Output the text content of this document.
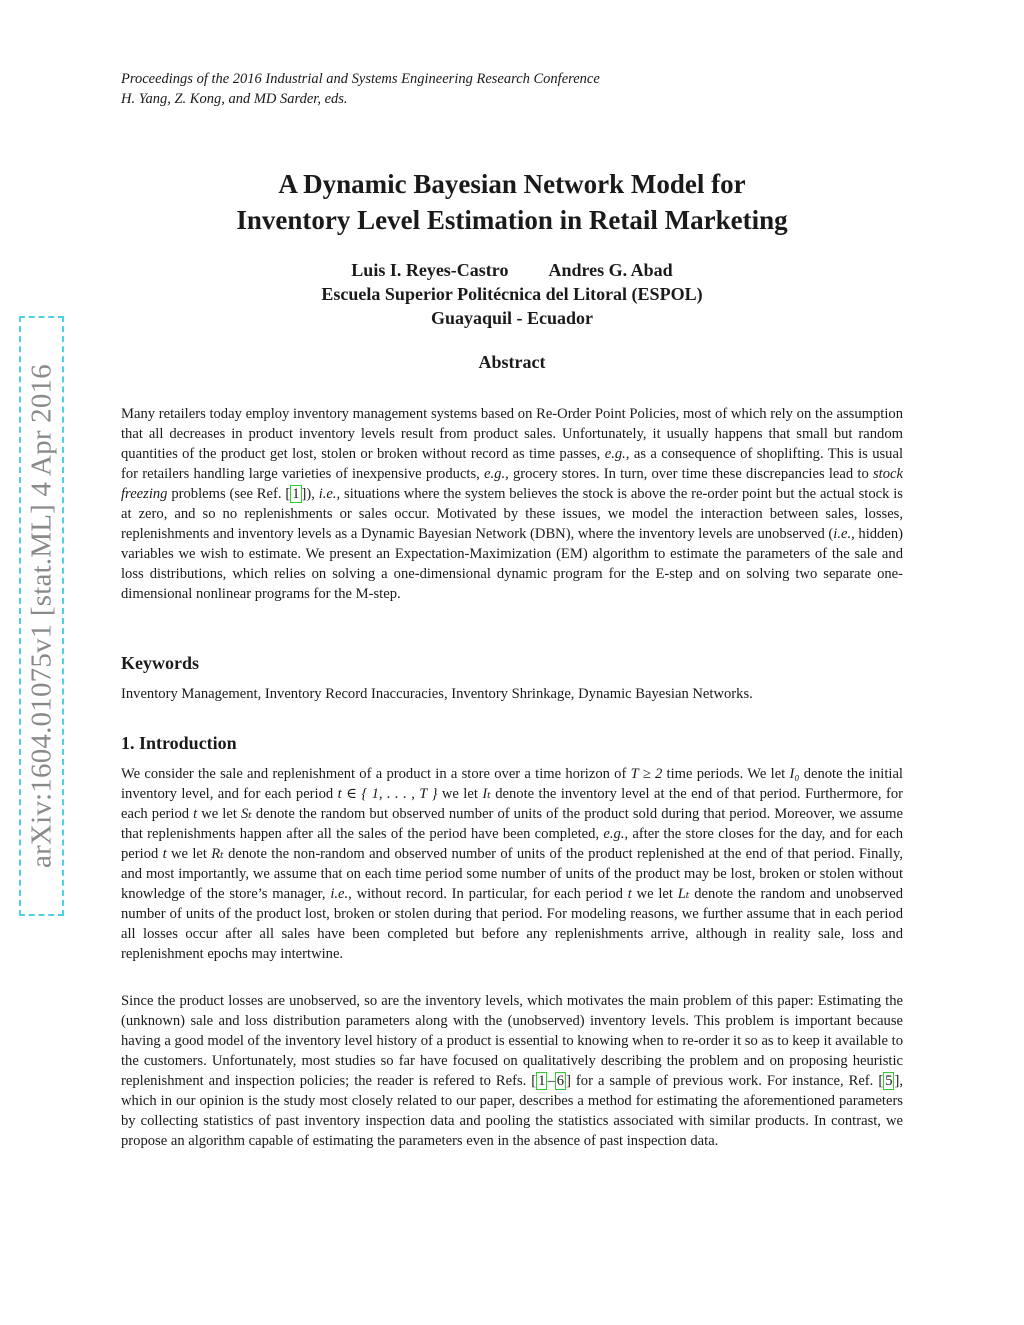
arXiv:1604.01075v1 [stat.ML] 4 Apr 2016
Proceedings of the 2016 Industrial and Systems Engineering Research Conference
H. Yang, Z. Kong, and MD Sarder, eds.
A Dynamic Bayesian Network Model for
Inventory Level Estimation in Retail Marketing
Luis I. Reyes-Castro Andres G. Abad
Escuela Superior Politécnica del Litoral (ESPOL)
Guayaquil - Ecuador
Abstract

Many retailers today employ inventory management systems based on Re-Order Point Policies, most of which rely on the assumption that all decreases in product inventory levels result from product sales. Unfortunately, it usually happens that small but random quantities of the product get lost, stolen or broken without record as time passes, e.g., as a consequence of shoplifting. This is usual for retailers handling large varieties of inexpensive products, e.g., grocery stores. In turn, over time these discrepancies lead to stock freezing problems (see Ref. [ 1 ]), i.e., situations where the system believes the stock is above the re-order point but the actual stock is at zero, and so no replenishments or sales occur. Motivated by these issues, we model the interaction between sales, losses, replenishments and inventory levels as a Dynamic Bayesian Network (DBN), where the inventory levels are unobserved (i.e., hidden) variables we wish to estimate. We present an Expectation-Maximization (EM) algorithm to estimate the parameters of the sale and loss distributions, which relies on solving a one-dimensional dynamic program for the E-step and on solving two separate one-dimensional nonlinear programs for the M-step.

Keywords
Inventory Management, Inventory Record Inaccuracies, Inventory Shrinkage, Dynamic Bayesian Networks.
1. Introduction

We consider the sale and replenishment of a product in a store over a time horizon of T ≥ 2 time periods. We let I₀ denote the initial inventory level, and for each period t ∈ { 1, . . . , T } we let Iₜ denote the inventory level at the end of that period. Furthermore, for each period t we let Sₜ denote the random but observed number of units of the product sold during that period. Moreover, we assume that replenishments happen after all the sales of the period have been completed, e.g., after the store closes for the day, and for each period t we let Rₜ denote the non-random and observed number of units of the product replenished at the end of that period. Finally, and most importantly, we assume that on each time period some number of units of the product may be lost, broken or stolen without knowledge of the store’s manager, i.e., without record. In particular, for each period t we let Lₜ denote the random and unobserved number of units of the product lost, broken or stolen during that period. For modeling reasons, we further assume that in each period all losses occur after all sales have been completed but before any replenishments arrive, although in reality sale, loss and replenishment epochs may intertwine.

Since the product losses are unobserved, so are the inventory levels, which motivates the main problem of this paper: Estimating the (unknown) sale and loss distribution parameters along with the (unobserved) inventory levels. This problem is important because having a good model of the inventory level history of a product is essential to knowing when to re-order it so as to keep it available to the customers. Unfortunately, most studies so far have focused on qualitatively describing the problem and on proposing heuristic replenishment and inspection policies; the reader is refered to Refs. [ 1 – 6 ] for a sample of previous work. For instance, Ref. [ 5 ], which in our opinion is the study most closely related to our paper, describes a method for estimating the aforementioned parameters by collecting statistics of past inventory inspection data and pooling the statistics associated with similar products. In contrast, we propose an algorithm capable of estimating the parameters even in the absence of past inspection data.
